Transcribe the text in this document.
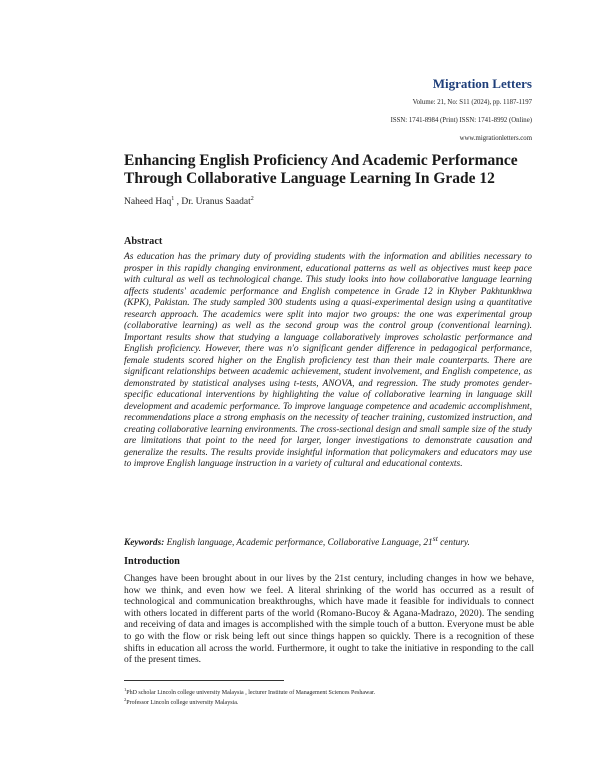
Migration Letters

Volume: 21, No: S11 (2024), pp. 1187-1197

ISSN: 1741-8984 (Print) ISSN: 1741-8992 (Online)

www.migrationletters.com

Enhancing English Proficiency And Academic Performance Through Collaborative Language Learning In Grade 12

Naheed Haq$^1$ , Dr. Uranus Saadat$^2$

Abstract

As education has the primary duty of providing students with the information and abilities necessary to prosper in this rapidly changing environment, educational patterns as well as objectives must keep pace with cultural as well as technological change. This study looks into how collaborative language learning affects students' academic performance and English competence in Grade 12 in Khyber Pakhtunkhwa (KPK), Pakistan. The study sampled 300 students using a quasi-experimental design using a quantitative research approach. The academics were split into major two groups: the one was experimental group (collaborative learning) as well as the second group was the control group (conventional learning). Important results show that studying a language collaboratively improves scholastic performance and English proficiency. However, there was n'o significant gender difference in pedagogical performance, female students scored higher on the English proficiency test than their male counterparts. There are significant relationships between academic achievement, student involvement, and English competence, as demonstrated by statistical analyses using t-tests, ANOVA, and regression. The study promotes gender-specific educational interventions by highlighting the value of collaborative learning in language skill development and academic performance. To improve language competence and academic accomplishment, recommendations place a strong emphasis on the necessity of teacher training, customized instruction, and creating collaborative learning environments. The cross-sectional design and small sample size of the study are limitations that point to the need for larger, longer investigations to demonstrate causation and generalize the results. The results provide insightful information that policymakers and educators may use to improve English language instruction in a variety of cultural and educational contexts.

Keywords: English language, Academic performance, Collaborative Language, 21st century.

Introduction

Changes have been brought about in our lives by the 21st century, including changes in how we behave, how we think, and even how we feel. A literal shrinking of the world has occurred as a result of technological and communication breakthroughs, which have made it feasible for individuals to connect with others located in different parts of the world (Romano-Bucoy & Agana-Madrazo, 2020). The sending and receiving of data and images is accomplished with the simple touch of a button. Everyone must be able to go with the flow or risk being left out since things happen so quickly. There is a recognition of these shifts in education all across the world. Furthermore, it ought to take the initiative in responding to the call of the present times.

$^1$PhD scholar Lincoln college university Malaysia , lecturer Institute of Management Sciences Peshawar.

$^2$Professor Lincoln college university Malaysia.
